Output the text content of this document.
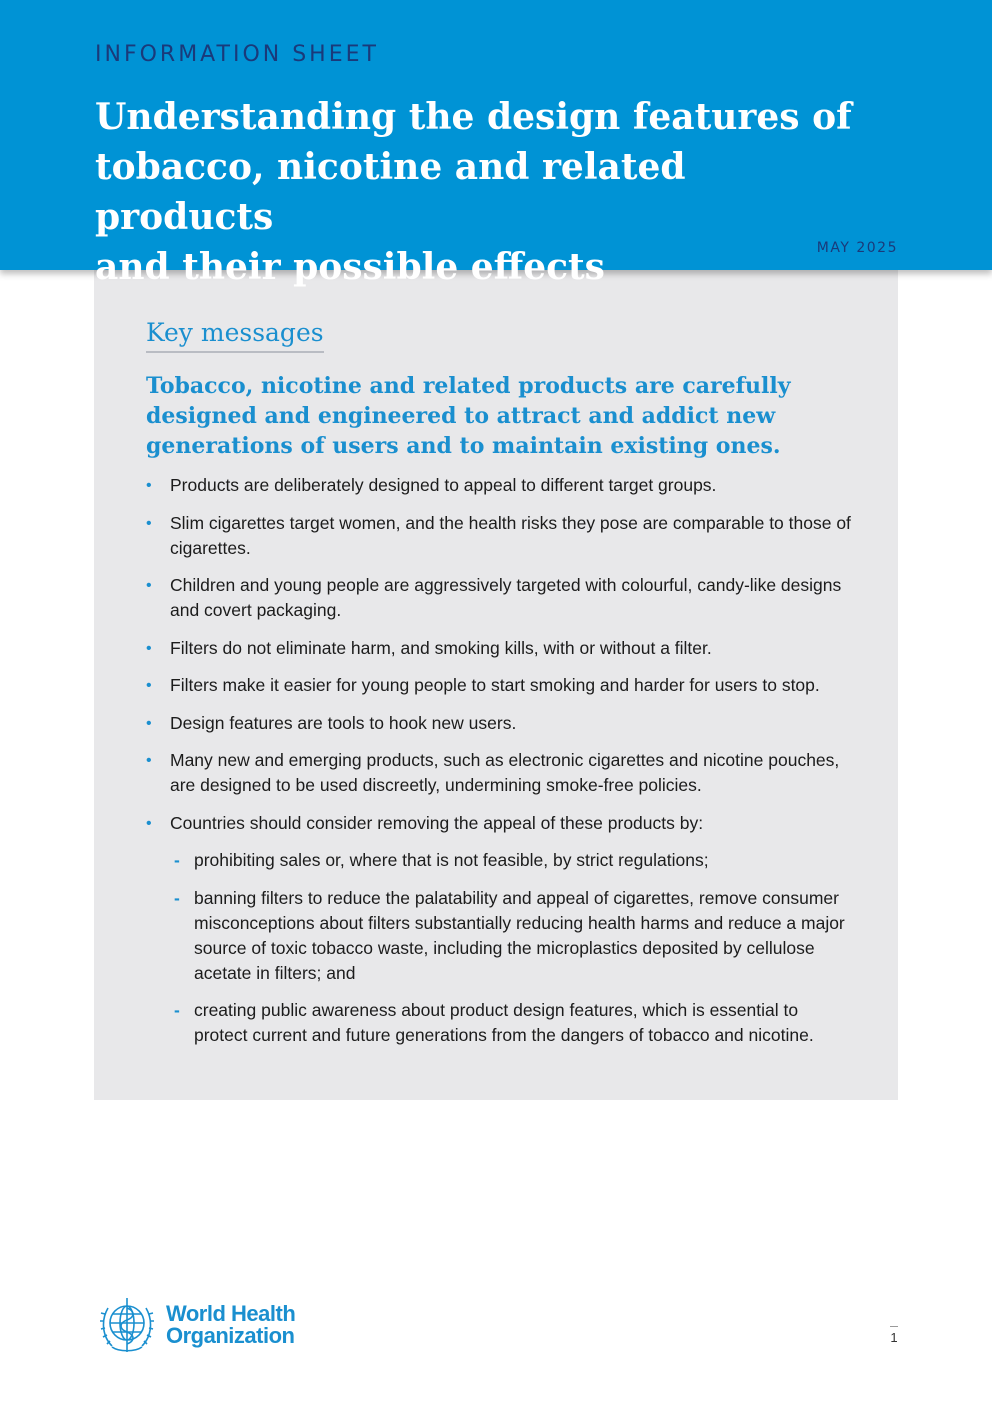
INFORMATION SHEET
Understanding the design features of
tobacco, nicotine and related products
and their possible effects	MAY 2025
Key messages

Tobacco, nicotine and related products are carefully designed and engineered to attract and addict new generations of users and to maintain existing ones.

• Products are deliberately designed to appeal to different target groups.
• Slim cigarettes target women, and the health risks they pose are comparable to those of cigarettes.
• Children and young people are aggressively targeted with colourful, candy-like designs and covert packaging.
• Filters do not eliminate harm, and smoking kills, with or without a filter.
• Filters make it easier for young people to start smoking and harder for users to stop.
• Design features are tools to hook new users.
• Many new and emerging products, such as electronic cigarettes and nicotine pouches, are designed to be used discreetly, undermining smoke-free policies.
• Countries should consider removing the appeal of these products by:
- prohibiting sales or, where that is not feasible, by strict regulations;
- banning filters to reduce the palatability and appeal of cigarettes, remove consumer misconceptions about filters substantially reducing health harms and reduce a major source of toxic tobacco waste, including the microplastics deposited by cellulose acetate in filters; and
- creating public awareness about product design features, which is essential to protect current and future generations from the dangers of tobacco and nicotine.
World Health
Organization	1
